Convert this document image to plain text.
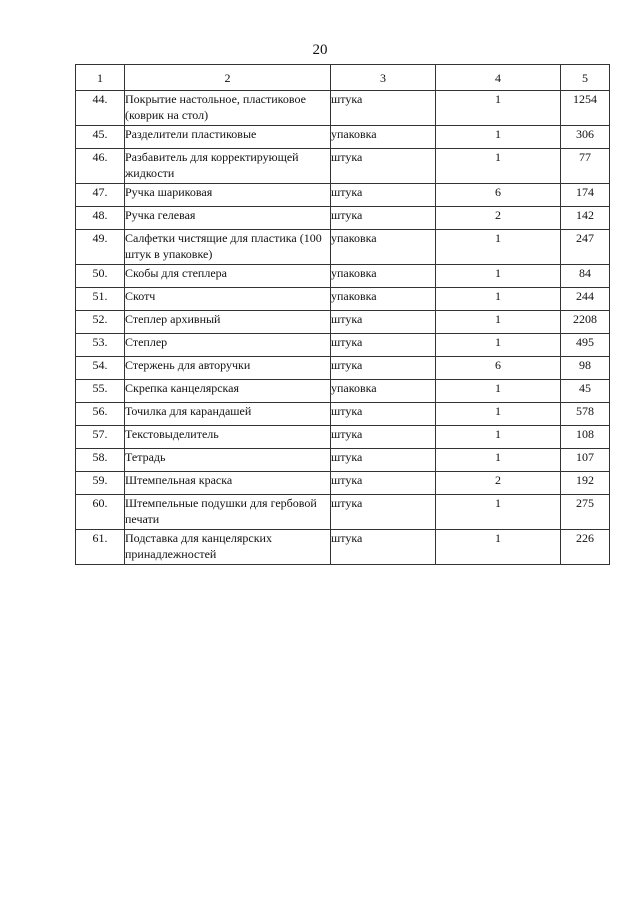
20
1	2	3	4	5
44.	Покрытие настольное, пластиковое (коврик на стол)	штука	1	1254
45.	Разделители пластиковые	упаковка	1	306
46.	Разбавитель для корректирующей жидкости	штука	1	77
47.	Ручка шариковая	штука	6	174
48.	Ручка гелевая	штука	2	142
49.	Салфетки чистящие для пластика (100 штук в упаковке)	упаковка	1	247
50.	Скобы для степлера	упаковка	1	84
51.	Скотч	упаковка	1	244
52.	Степлер архивный	штука	1	2208
53.	Степлер	штука	1	495
54.	Стержень для авторучки	штука	6	98
55.	Скрепка канцелярская	упаковка	1	45
56.	Точилка для карандашей	штука	1	578
57.	Текстовыделитель	штука	1	108
58.	Тетрадь	штука	1	107
59.	Штемпельная краска	штука	2	192
60.	Штемпельные подушки для гербовой печати	штука	1	275
61.	Подставка для канцелярских принадлежностей	штука	1	226
